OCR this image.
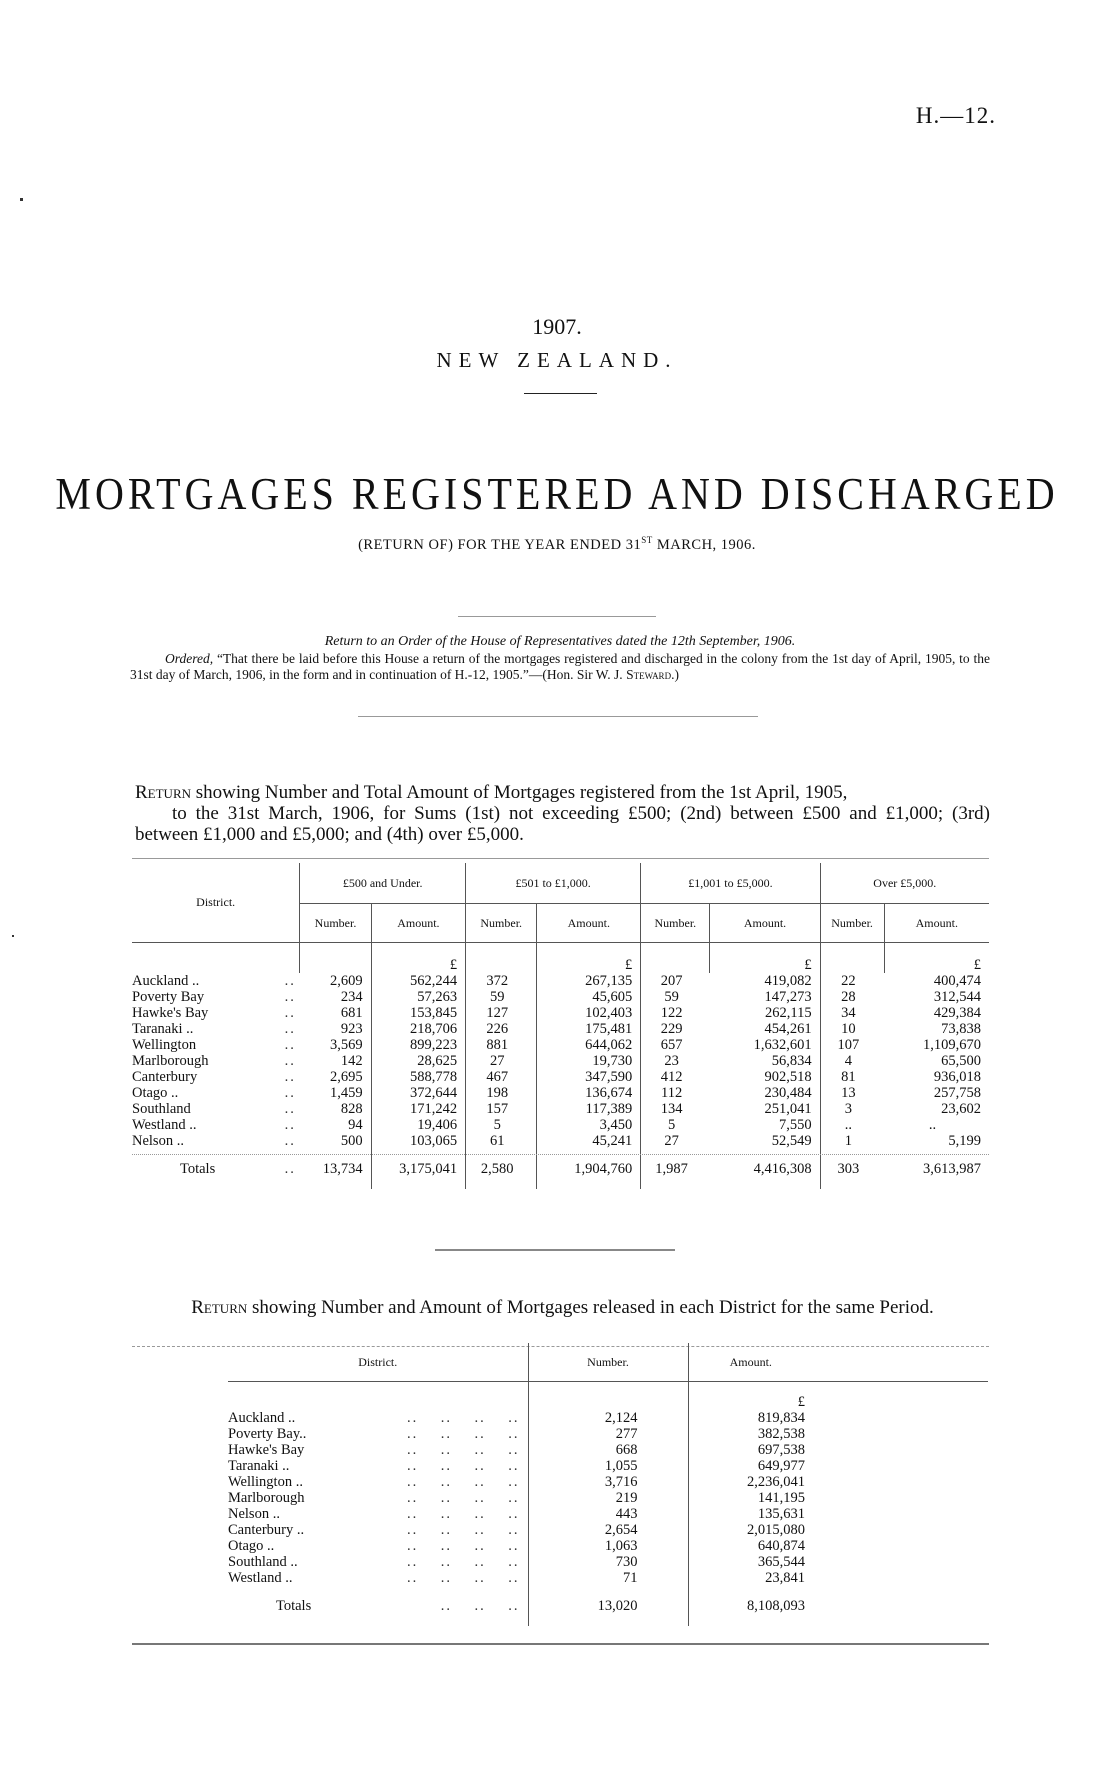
H.—12.
1907.
NEW ZEALAND.
MORTGAGES REGISTERED AND DISCHARGED
(RETURN OF) FOR THE YEAR ENDED 31ST MARCH, 1906.
Return to an Order of the House of Representatives dated the 12th September, 1906.
Ordered, “That there be laid before this House a return of the mortgages registered and discharged in the colony from the 1st day of April, 1905, to the 31st day of March, 1906, in the form and in continuation of H.-12, 1905.”—(Hon. Sir W. J. Steward.)
Return showing Number and Total Amount of Mortgages registered from the 1st April, 1905,
to the 31st March, 1906, for Sums (1st) not exceeding £500; (2nd) between £500 and £1,000; (3rd) between £1,000 and £5,000; and (4th) over £5,000.
District.	£500 and Under.		£501 to £1,000.		£1,001 to £5,000.		Over £5,000.	
	Number.	Amount.	Number.	Amount.	Number.	Amount.	Number.	Amount.
		£		£		£		£
Auckland .. ..	2,609	562,244	372	267,135	207	419,082	22	400,474
Poverty Bay ..	234	57,263	59	45,605	59	147,273	28	312,544
Hawke's Bay ..	681	153,845	127	102,403	122	262,115	34	429,384
Taranaki .. ..	923	218,706	226	175,481	229	454,261	10	73,838
Wellington ..	3,569	899,223	881	644,062	657	1,632,601	107	1,109,670
Marlborough ..	142	28,625	27	19,730	23	56,834	4	65,500
Canterbury ..	2,695	588,778	467	347,590	412	902,518	81	936,018
Otago .. ..	1,459	372,644	198	136,674	112	230,484	13	257,758
Southland ..	828	171,242	157	117,389	134	251,041	3	23,602
Westland .. ..	94	19,406	5	3,450	5	7,550	..	..
Nelson .. ..	500	103,065	61	45,241	27	52,549	1	5,199
Totals ..	13,734	3,175,041	2,580	1,904,760	1,987	4,416,308	303	3,613,987
Return showing Number and Amount of Mortgages released in each District for the same Period.
District.	Number.	Amount.	
		£	
Auckland .. ..    ..    ..    ..	2,124	819,834	
Poverty Bay.. ..    ..    ..    ..	277	382,538	
Hawke's Bay ..    ..    ..    ..	668	697,538	
Taranaki .. ..    ..    ..    ..	1,055	649,977	
Wellington .. ..    ..    ..    ..	3,716	2,236,041	
Marlborough ..    ..    ..    ..	219	141,195	
Nelson .. ..    ..    ..    ..	443	135,631	
Canterbury .. ..    ..    ..    ..	2,654	2,015,080	
Otago .. ..    ..    ..    ..	1,063	640,874	
Southland .. ..    ..    ..    ..	730	365,544	
Westland .. ..    ..    ..    ..	71	23,841	
Totals ..    ..    ..	13,020	8,108,093	
